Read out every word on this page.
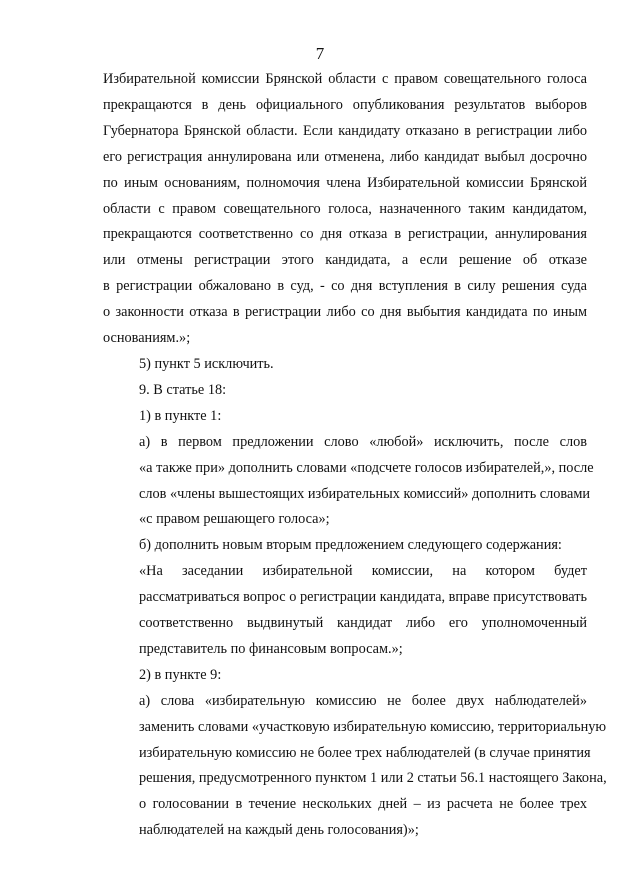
7

Избирательной комиссии Брянской области с правом совещательного голоса
прекращаются в день официального опубликования результатов выборов
Губернатора Брянской области. Если кандидату отказано в регистрации либо
его регистрация аннулирована или отменена, либо кандидат выбыл досрочно
по иным основаниям, полномочия члена Избирательной комиссии Брянской
области с правом совещательного голоса, назначенного таким кандидатом,
прекращаются соответственно со дня отказа в регистрации, аннулирования
или отмены регистрации этого кандидата, а если решение об отказе
в регистрации обжаловано в суд, - со дня вступления в силу решения суда
о законности отказа в регистрации либо со дня выбытия кандидата по иным
основаниям.»;

5) пункт 5 исключить.

9. В статье 18:

1) в пункте 1:

а) в первом предложении слово «любой» исключить, после слов
«а также при» дополнить словами «подсчете голосов избирателей,», после
слов «члены вышестоящих избирательных комиссий» дополнить словами
«с правом решающего голоса»;

б) дополнить новым вторым предложением следующего содержания:

«На заседании избирательной комиссии, на котором будет
рассматриваться вопрос о регистрации кандидата, вправе присутствовать
соответственно выдвинутый кандидат либо его уполномоченный
представитель по финансовым вопросам.»;

2) в пункте 9:

а) слова «избирательную комиссию не более двух наблюдателей»
заменить словами «участковую избирательную комиссию, территориальную
избирательную комиссию не более трех наблюдателей (в случае принятия
решения, предусмотренного пунктом 1 или 2 статьи 56.1 настоящего Закона,
о голосовании в течение нескольких дней – из расчета не более трех
наблюдателей на каждый день голосования)»;
